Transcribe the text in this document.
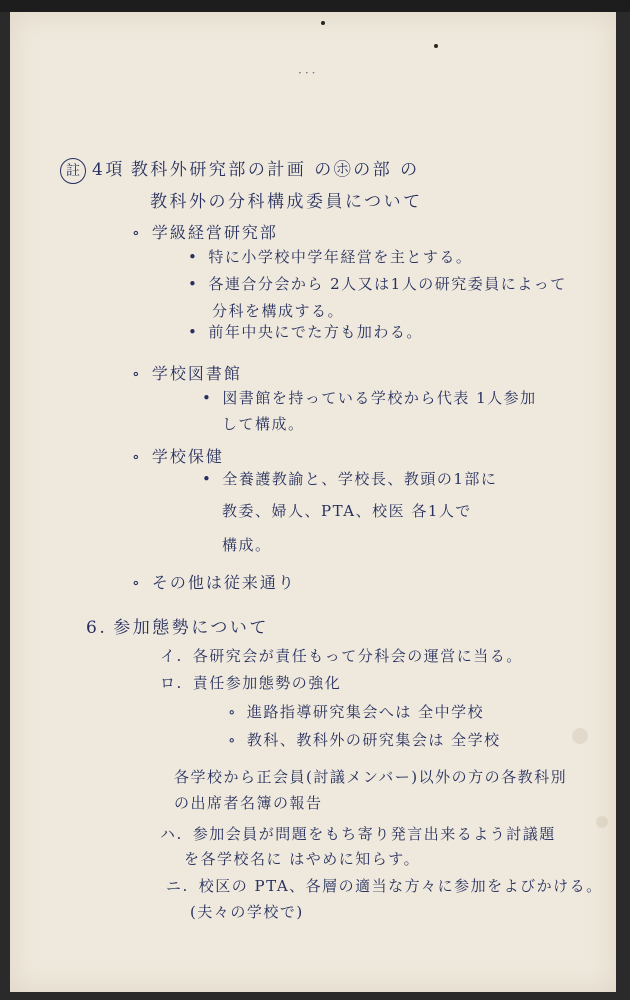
···
註 4項 教科外研究部の計画 の㋭の部 の
教科外の分科構成委員について
∘ 学級経営研究部
• 特に小学校中学年経営を主とする。
• 各連合分会から 2人又は1人の研究委員によって
分科を構成する。
• 前年中央にでた方も加わる。
∘ 学校図書館
• 図書館を持っている学校から代表 1人参加
して構成。
∘ 学校保健
• 全養護教諭と、学校長、教頭の1部に
教委、婦人、PTA、校医 各1人で
構成。
∘ その他は従来通り
6. 参加態勢について
イ. 各研究会が責任もって分科会の運営に当る。
ロ. 責任参加態勢の強化
∘ 進路指導研究集会へは 全中学校
∘ 教科、教科外の研究集会は 全学校
各学校から正会員(討議メンバー)以外の方の各教科別
の出席者名簿の報告
ハ. 参加会員が問題をもち寄り発言出来るよう討議題
を各学校名に はやめに知らす。
ニ. 校区の PTA、各層の適当な方々に参加をよびかける。
(夫々の学校で)
